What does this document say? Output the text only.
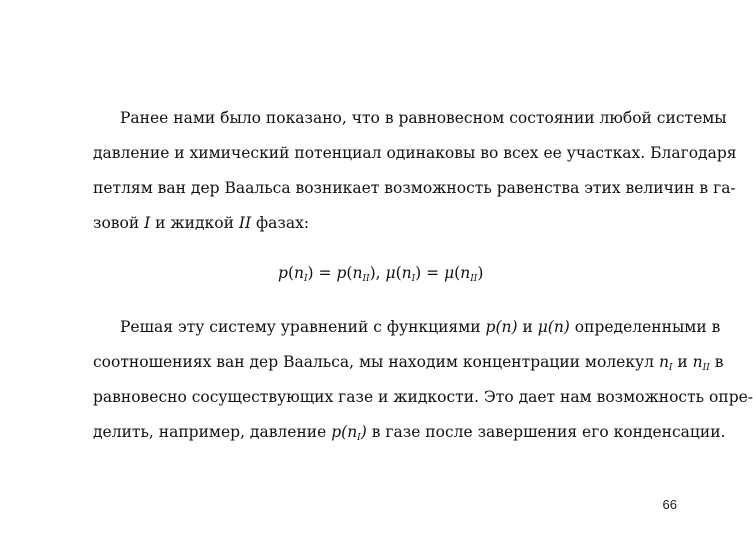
Ранее нами было показано, что в равновесном состоянии любой системы
давление и химический потенциал одинаковы во всех ее участках. Благодаря
петлям ван дер Ваальса возникает возможность равенства этих величин в га-
зовой I и жидкой II фазах:
$p(n_I) = p(n_{II})$, $\mu(n_I) = \mu(n_{II})$
Решая эту систему уравнений с функциями p(n) и μ(n) определенными в
соотношениях ван дер Ваальса, мы находим концентрации молекул $n_I$ и $n_{II}$ в
равновесно сосуществующих газе и жидкости. Это дает нам возможность опре-
делить, например, давление $p(n_I)$ в газе после завершения его конденсации.
66
